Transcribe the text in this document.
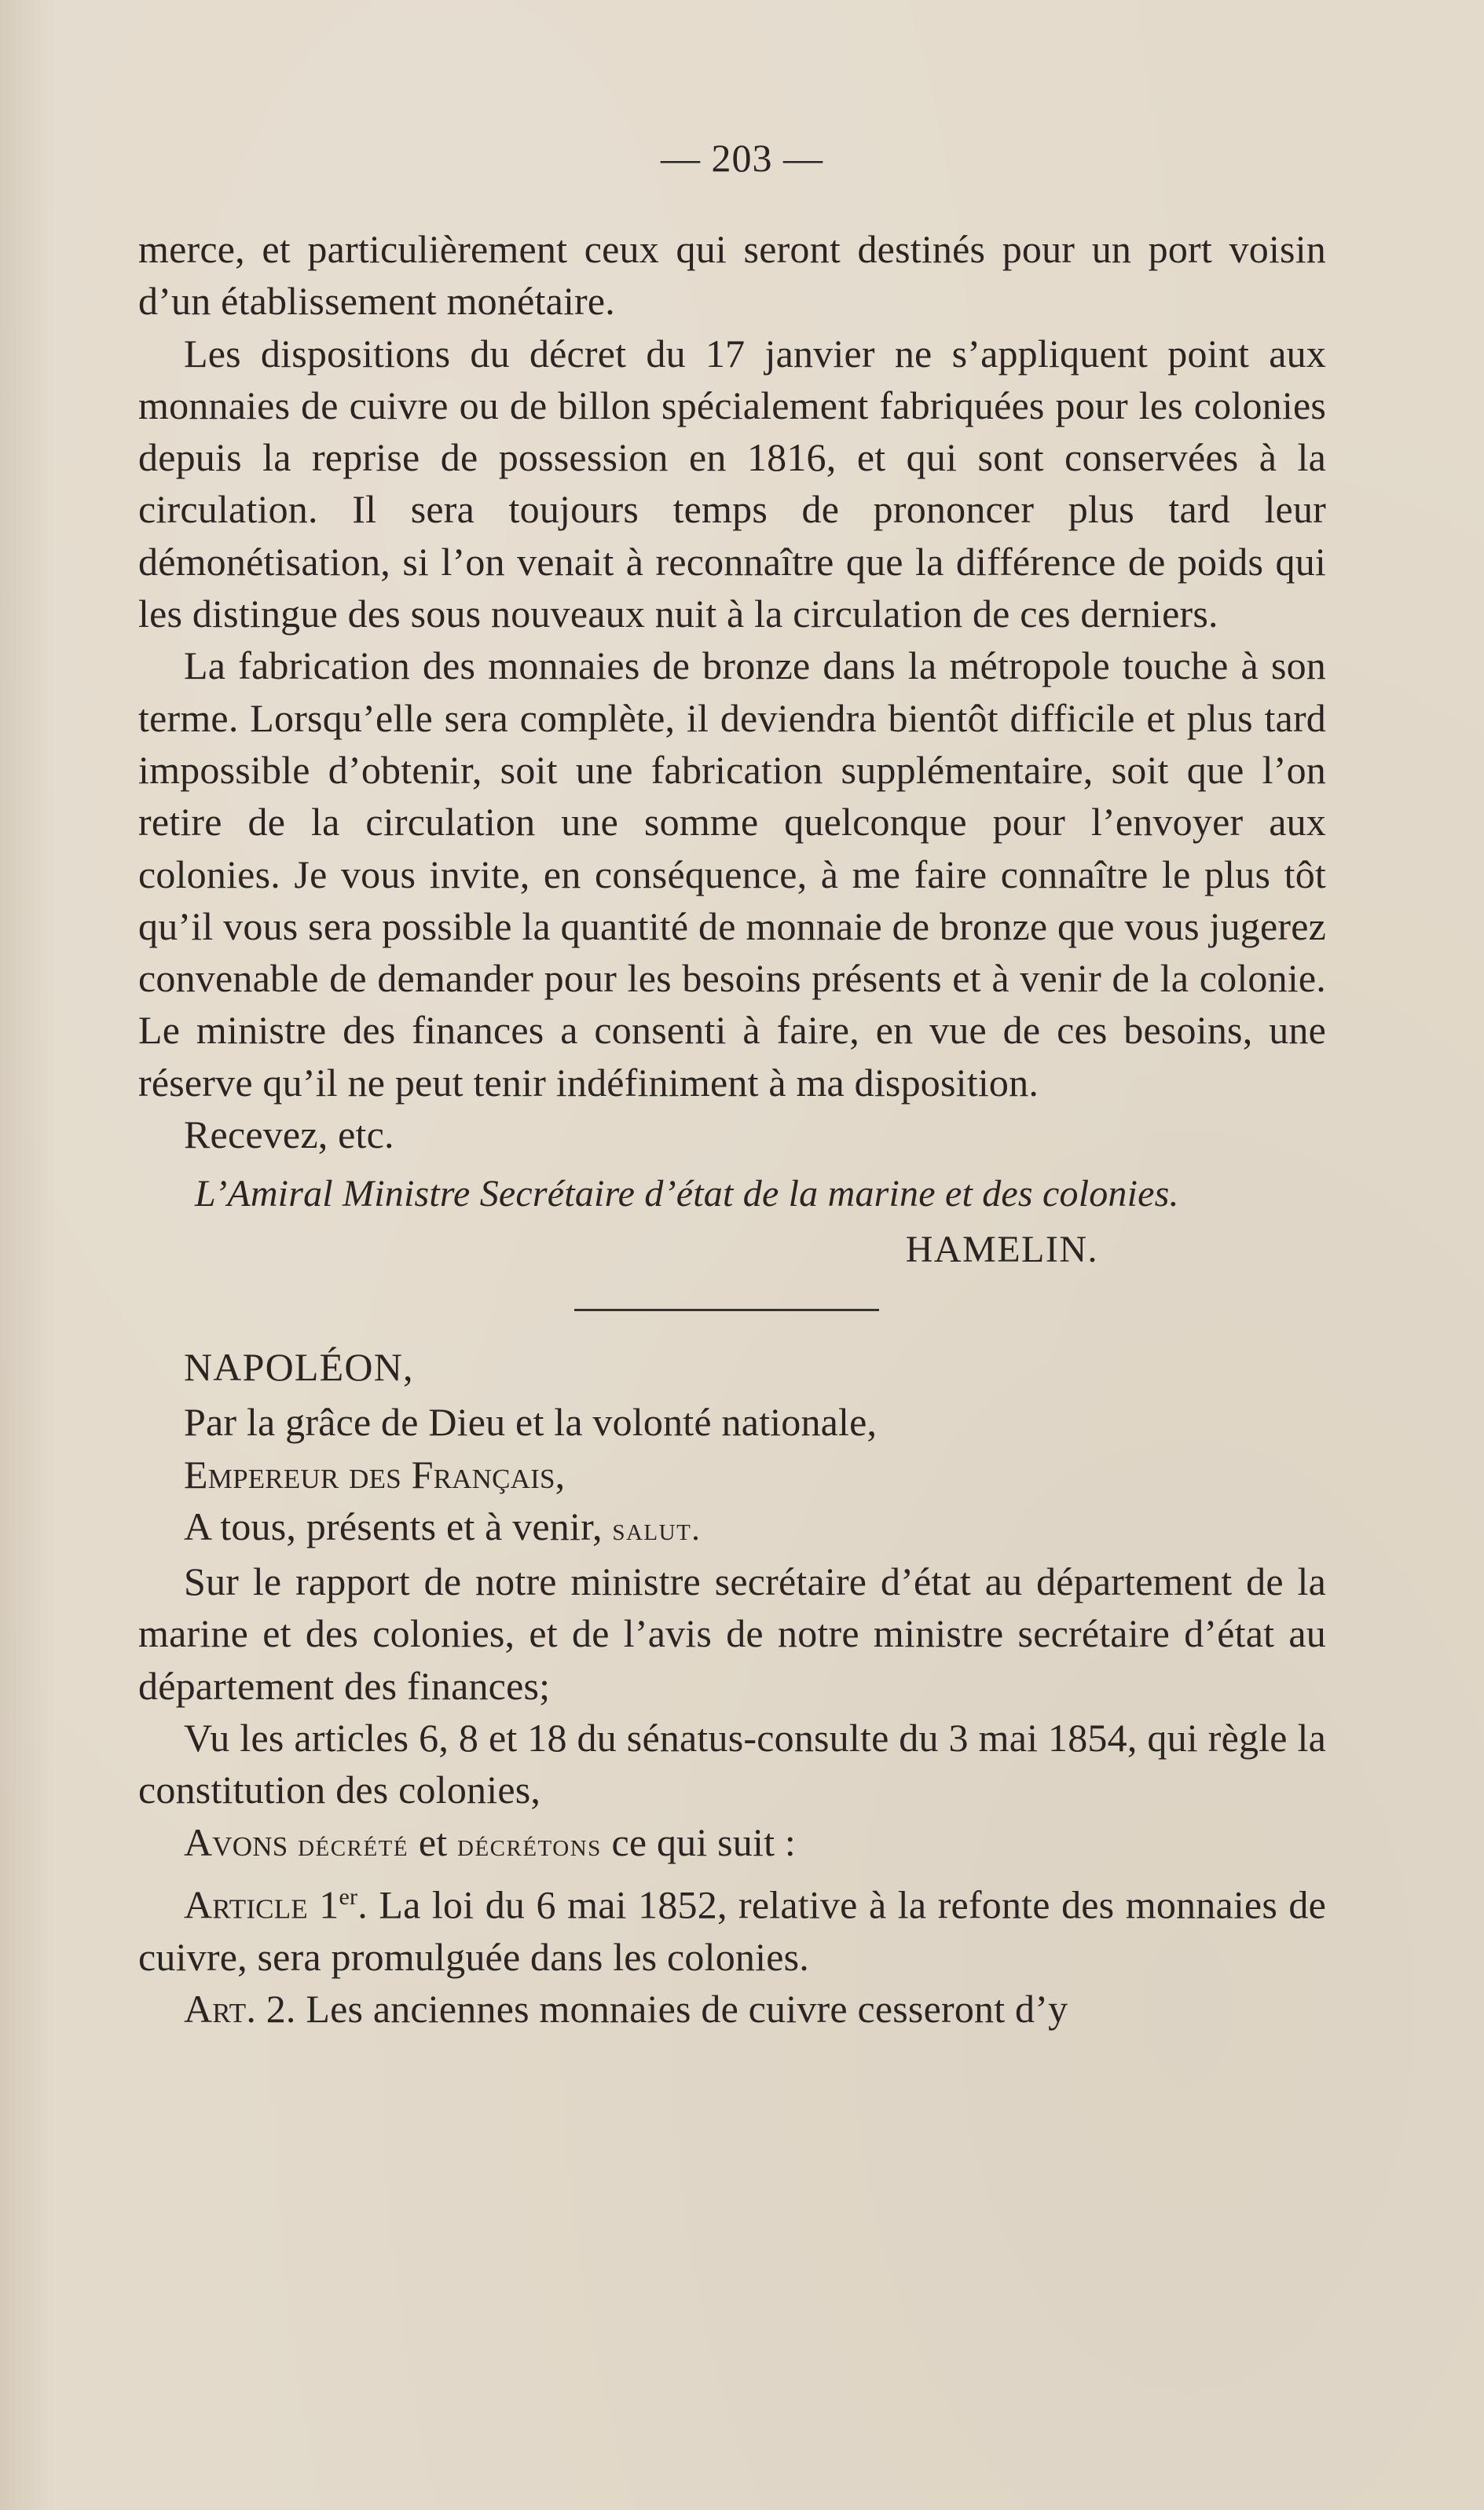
— 203 —

merce, et particulièrement ceux qui seront destinés pour un port voisin d’un établissement monétaire.

Les dispositions du décret du 17 janvier ne s’appliquent point aux monnaies de cuivre ou de billon spécialement fabriquées pour les colonies depuis la reprise de possession en 1816, et qui sont conservées à la circulation. Il sera toujours temps de prononcer plus tard leur démonétisation, si l’on venait à reconnaître que la différence de poids qui les distingue des sous nouveaux nuit à la circulation de ces derniers.

La fabrication des monnaies de bronze dans la métropole touche à son terme. Lorsqu’elle sera complète, il deviendra bientôt difficile et plus tard impossible d’obtenir, soit une fabrication supplémentaire, soit que l’on retire de la circulation une somme quelconque pour l’envoyer aux colonies. Je vous invite, en conséquence, à me faire connaître le plus tôt qu’il vous sera possible la quantité de monnaie de bronze que vous jugerez convenable de demander pour les besoins présents et à venir de la colonie. Le ministre des finances a consenti à faire, en vue de ces besoins, une réserve qu’il ne peut tenir indéfiniment à ma disposition.

Recevez, etc.

L’Amiral Ministre Secrétaire d’état de la marine et des colonies.

HAMELIN.

NAPOLÉON,

Par la grâce de Dieu et la volonté nationale,

Empereur des Français,

A tous, présents et à venir, salut.

Sur le rapport de notre ministre secrétaire d’état au département de la marine et des colonies, et de l’avis de notre ministre secrétaire d’état au département des finances;

Vu les articles 6, 8 et 18 du sénatus-consulte du 3 mai 1854, qui règle la constitution des colonies,

Avons décrété et décrétons ce qui suit :

Article 1er. La loi du 6 mai 1852, relative à la refonte des monnaies de cuivre, sera promulguée dans les colonies.

Art. 2. Les anciennes monnaies de cuivre cesseront d’y
